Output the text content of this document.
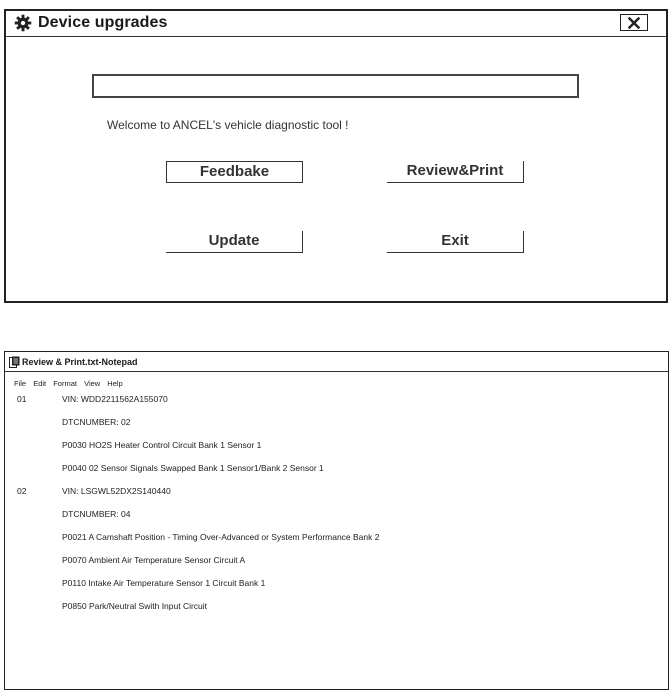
Device upgrades
Welcome to ANCEL's vehicle diagnostic tool !
Feedbake	Review&Print
Update	Exit
Review & Print.txt-Notepad
File Edit Format View Help
01	VIN: WDD2211562A155070
DTCNUMBER: 02
P0030 HO2S Heater Control Circuit Bank 1 Sensor 1
P0040 02 Sensor Signals Swapped Bank 1 Sensor1/Bank 2 Sensor 1
02	VIN: LSGWL52DX2S140440
DTCNUMBER: 04
P0021 A Camshaft Position - Timing Over-Advanced or System Performance Bank 2
P0070 Ambient Air Temperature Sensor Circuit A
P0110 Intake Air Temperature Sensor 1 Circuit Bank 1
P0850 Park/Neutral Swith Input Circuit
